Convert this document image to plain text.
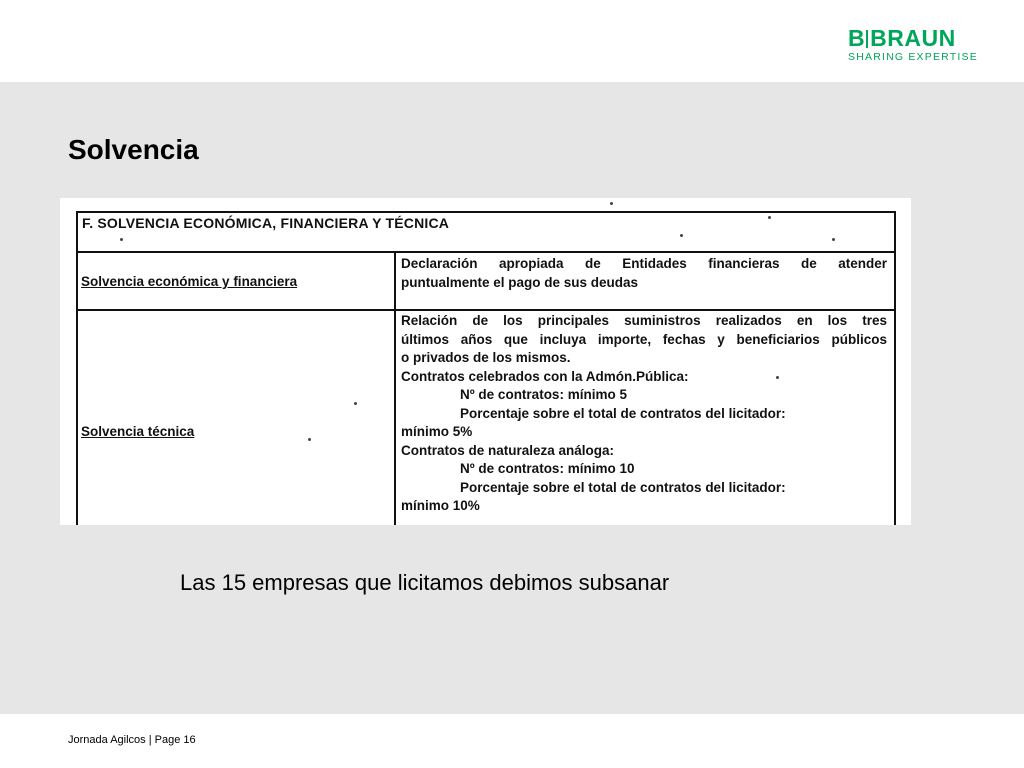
B BRAUN
SHARING EXPERTISE
Solvencia
F. SOLVENCIA ECONÓMICA, FINANCIERA Y TÉCNICA
Solvencia económica y financiera
Declaración apropiada de Entidades financieras de atender
puntualmente el pago de sus deudas
Solvencia técnica
Relación de los principales suministros realizados en los tres
últimos años que incluya importe, fechas y beneficiarios públicos
o privados de los mismos.
Contratos celebrados con la Admón.Pública:
Nº de contratos: mínimo 5
Porcentaje sobre el total de contratos del licitador:
mínimo 5%
Contratos de naturaleza análoga:
Nº de contratos: mínimo 10
Porcentaje sobre el total de contratos del licitador:
mínimo 10%

Las 15 empresas que licitamos debimos subsanar

Jornada Agilcos | Page 16
